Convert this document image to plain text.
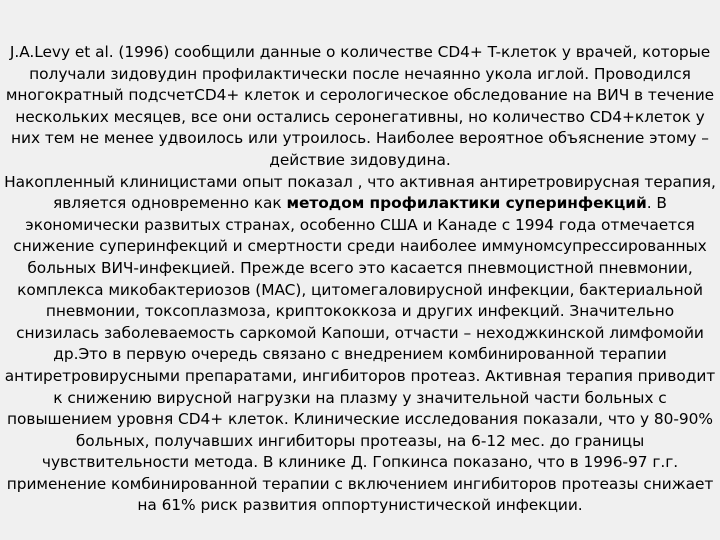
J.A.Levy et al. (1996) сообщили данные о количестве CD4+ T-клеток у врачей, которые получали зидовудин профилактически после нечаянно укола иглой. Проводился многократный подсчетCD4+ клеток и серологическое обследование на ВИЧ в течение нескольких месяцев, все они остались серонегативны, но количество CD4+клеток у них тем не менее удвоилось или утроилось. Наиболее вероятное объяснение этому – действие зидовудина.

Накопленный клиницистами опыт показал , что активная антиретровирусная терапия, является одновременно как методом профилактики суперинфекций. В экономически развитых странах, особенно США и Канаде с 1994 года отмечается снижение суперинфекций и смертности среди наиболее иммуномсупрессированных больных ВИЧ-инфекцией. Прежде всего это касается пневмоцистной пневмонии, комплекса микобактериозов (MAC), цитомегаловирусной инфекции, бактериальной пневмонии, токсоплазмоза, криптококкоза и других инфекций. Значительно снизилась заболеваемость саркомой Капоши, отчасти – неходжкинской лимфомойи др.Это в первую очередь связано с внедрением комбинированной терапии антиретровирусными препаратами, ингибиторов протеаз. Активная терапия приводит к снижению вирусной нагрузки на плазму у значительной части больных с повышением уровня CD4+ клеток. Клинические исследования показали, что у 80-90% больных, получавших ингибиторы протеазы, на 6-12 мес. до границы чувствительности метода. В клинике Д. Гопкинса показано, что в 1996-97 г.г. применение комбинированной терапии с включением ингибиторов протеазы снижает на 61% риск развития оппортунистической инфекции.
